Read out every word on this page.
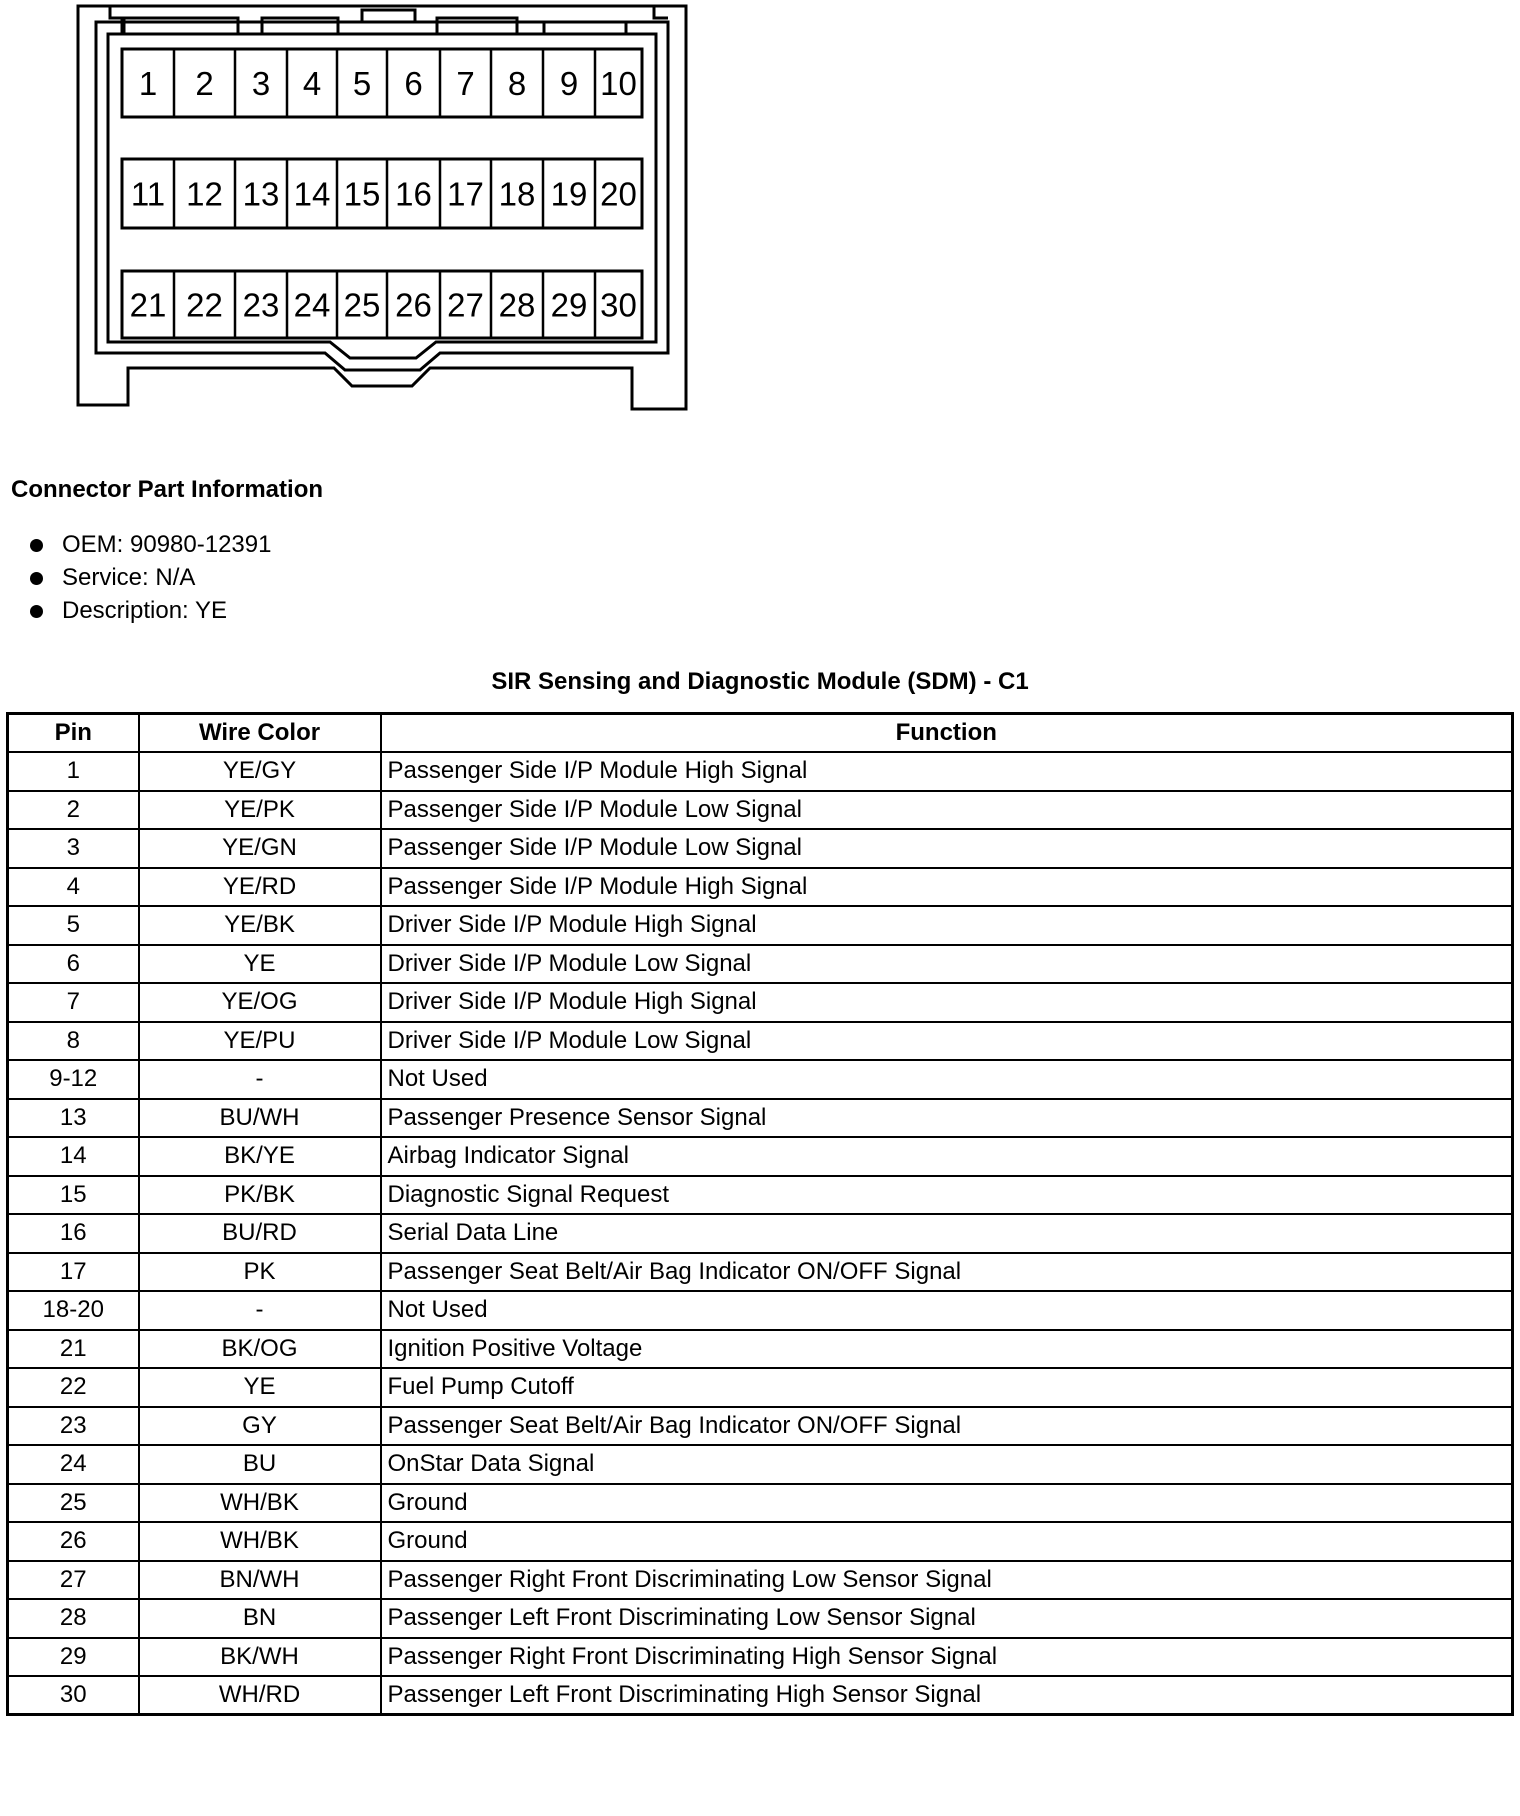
1 2 3 4 5 6 7 8 9 10
11 12 13 14 15 16 17 18 19 20
21 22 23 24 25 26 27 28 29 30
Connector Part Information
OEM: 90980-12391
Service: N/A
Description: YE
SIR Sensing and Diagnostic Module (SDM) - C1
Pin	Wire Color	Function
1	YE/GY	Passenger Side I/P Module High Signal
2	YE/PK	Passenger Side I/P Module Low Signal
3	YE/GN	Passenger Side I/P Module Low Signal
4	YE/RD	Passenger Side I/P Module High Signal
5	YE/BK	Driver Side I/P Module High Signal
6	YE	Driver Side I/P Module Low Signal
7	YE/OG	Driver Side I/P Module High Signal
8	YE/PU	Driver Side I/P Module Low Signal
9-12	-	Not Used
13	BU/WH	Passenger Presence Sensor Signal
14	BK/YE	Airbag Indicator Signal
15	PK/BK	Diagnostic Signal Request
16	BU/RD	Serial Data Line
17	PK	Passenger Seat Belt/Air Bag Indicator ON/OFF Signal
18-20	-	Not Used
21	BK/OG	Ignition Positive Voltage
22	YE	Fuel Pump Cutoff
23	GY	Passenger Seat Belt/Air Bag Indicator ON/OFF Signal
24	BU	OnStar Data Signal
25	WH/BK	Ground
26	WH/BK	Ground
27	BN/WH	Passenger Right Front Discriminating Low Sensor Signal
28	BN	Passenger Left Front Discriminating Low Sensor Signal
29	BK/WH	Passenger Right Front Discriminating High Sensor Signal
30	WH/RD	Passenger Left Front Discriminating High Sensor Signal
